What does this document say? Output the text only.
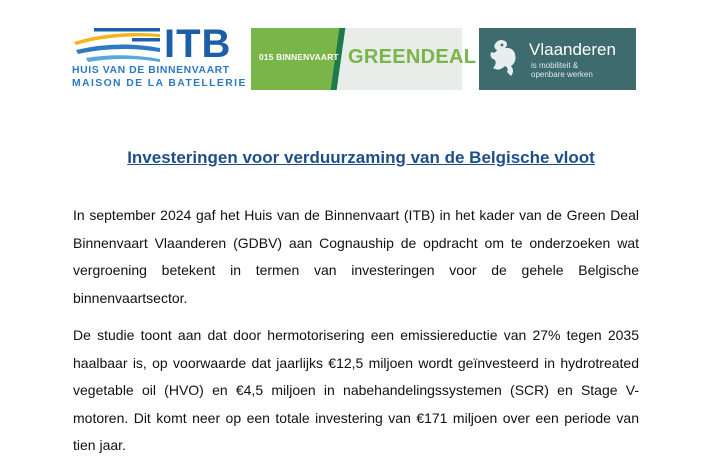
ITB
HUIS VAN DE BINNENVAART
MAISON DE LA BATELLERIE
015 BINNENVAART GREENDEAL	Vlaanderen
is mobiliteit &
openbare werken
Investeringen voor verduurzaming van de Belgische vloot
In september 2024 gaf het Huis van de Binnenvaart (ITB) in het kader van de Green Deal Binnenvaart Vlaanderen (GDBV) aan Cognauship de opdracht om te onderzoeken wat vergroening betekent in termen van investeringen voor de gehele Belgische binnenvaartsector.
De studie toont aan dat door hermotorisering een emissiereductie van 27% tegen 2035 haalbaar is, op voorwaarde dat jaarlijks €12,5 miljoen wordt geïnvesteerd in hydrotreated vegetable oil (HVO) en €4,5 miljoen in nabehandelingssystemen (SCR) en Stage V-motoren. Dit komt neer op een totale investering van €171 miljoen over een periode van tien jaar.
